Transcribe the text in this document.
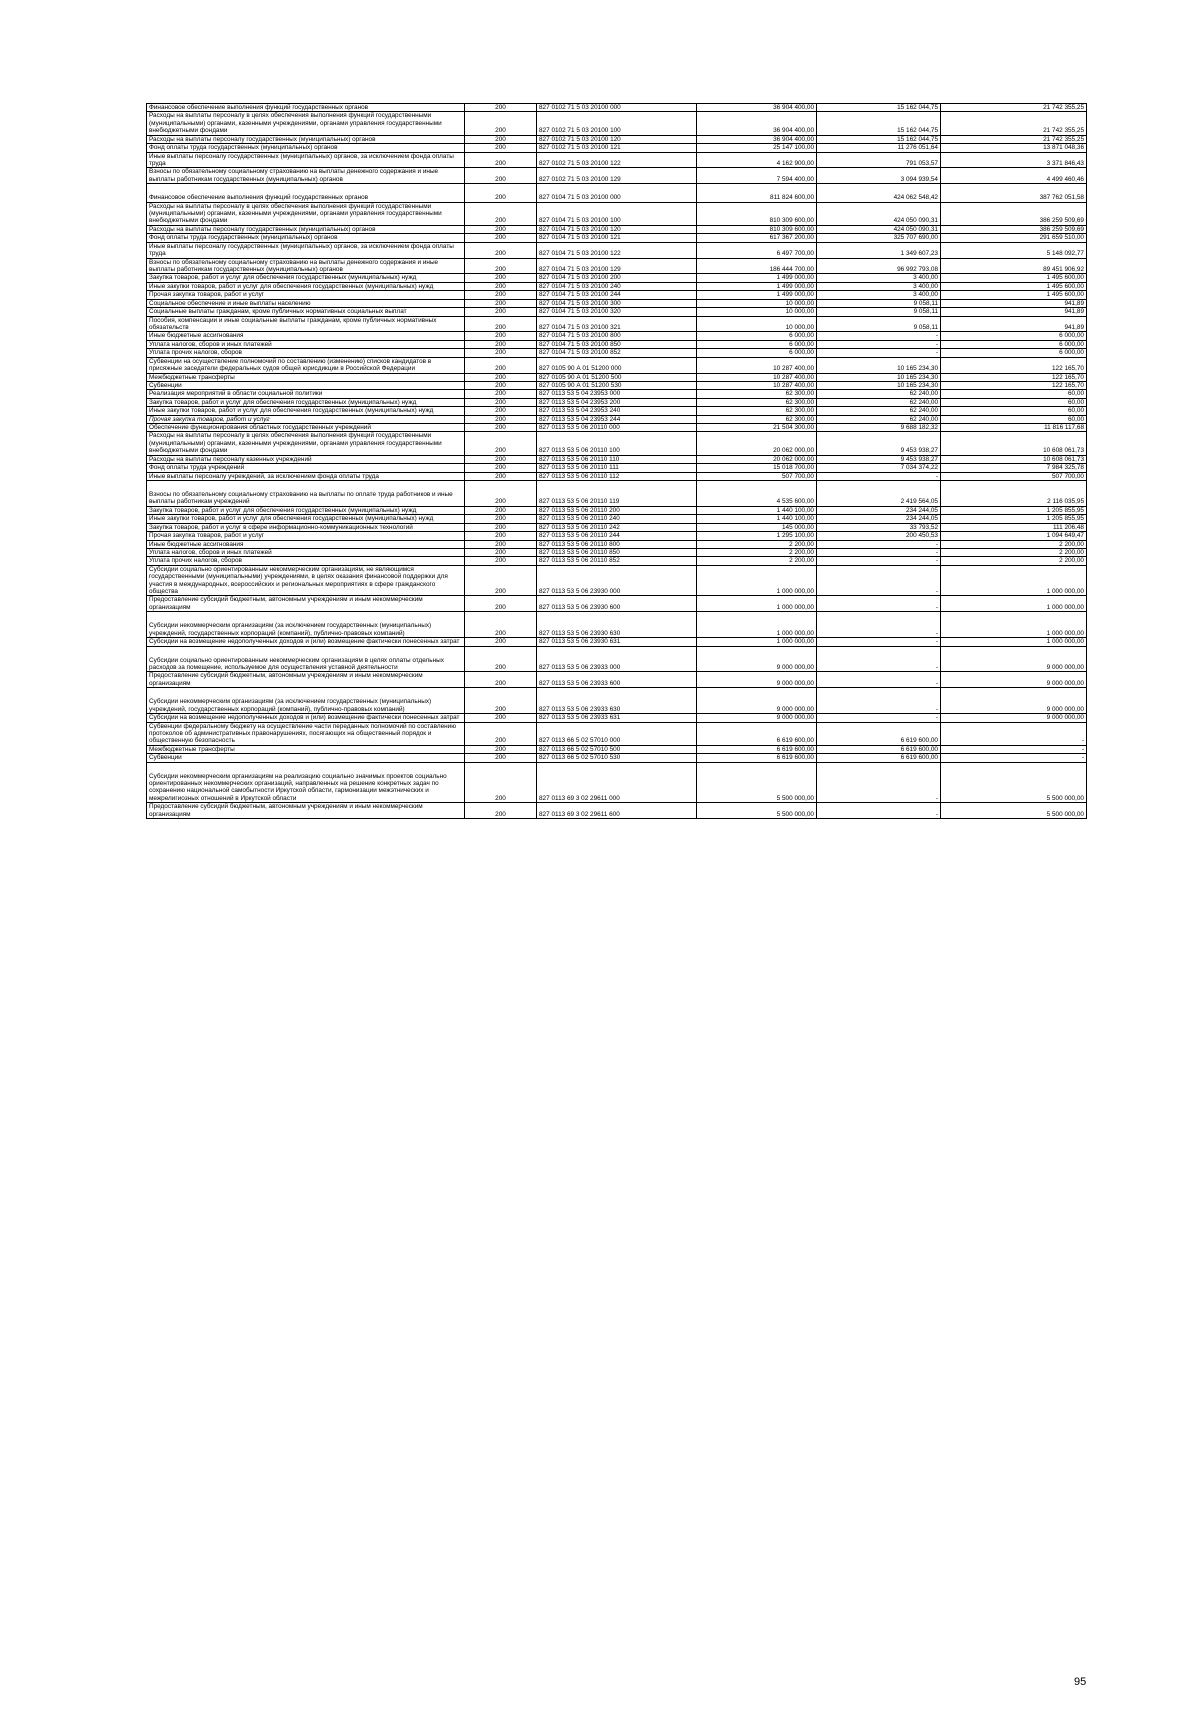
Финансовое обеспечение выполнения функций государственных органов	200	827 0102 71 5 03 20100 000	36 904 400,00	15 162 044,75	21 742 355,25
Расходы на выплаты персоналу в целях обеспечения выполнения функций государственными (муниципальными) органами, казенными учреждениями, органами управления государственными внебюджетными фондами	200	827 0102 71 5 03 20100 100	36 904 400,00	15 162 044,75	21 742 355,25
Расходы на выплаты персоналу государственных (муниципальных) органов	200	827 0102 71 5 03 20100 120	36 904 400,00	15 162 044,75	21 742 355,25
Фонд оплаты труда государственных (муниципальных) органов	200	827 0102 71 5 03 20100 121	25 147 100,00	11 276 051,64	13 871 048,36
Иные выплаты персоналу государственных (муниципальных) органов, за исключением фонда оплаты труда	200	827 0102 71 5 03 20100 122	4 162 900,00	791 053,57	3 371 846,43
Взносы по обязательному социальному страхованию на выплаты денежного содержания и иные выплаты работникам государственных (муниципальных) органов	200	827 0102 71 5 03 20100 129	7 594 400,00	3 094 939,54	4 499 460,46
Финансовое обеспечение выполнения функций государственных органов	200	827 0104 71 5 03 20100 000	811 824 600,00	424 062 548,42	387 762 051,58
Расходы на выплаты персоналу в целях обеспечения выполнения функций государственными (муниципальными) органами, казенными учреждениями, органами управления государственными внебюджетными фондами	200	827 0104 71 5 03 20100 100	810 309 600,00	424 050 090,31	386 259 509,69
Расходы на выплаты персоналу государственных (муниципальных) органов	200	827 0104 71 5 03 20100 120	810 309 600,00	424 050 090,31	386 259 509,69
Фонд оплаты труда государственных (муниципальных) органов	200	827 0104 71 5 03 20100 121	617 367 200,00	325 707 690,00	291 659 510,00
Иные выплаты персоналу государственных (муниципальных) органов, за исключением фонда оплаты труда	200	827 0104 71 5 03 20100 122	6 497 700,00	1 349 607,23	5 148 092,77
Взносы по обязательному социальному страхованию на выплаты денежного содержания и иные выплаты работникам государственных (муниципальных) органов	200	827 0104 71 5 03 20100 129	186 444 700,00	96 992 793,08	89 451 906,92
Закупка товаров, работ и услуг для обеспечения государственных (муниципальных) нужд	200	827 0104 71 5 03 20100 200	1 499 000,00	3 400,00	1 495 600,00
Иные закупки товаров, работ и услуг для обеспечения государственных (муниципальных) нужд	200	827 0104 71 5 03 20100 240	1 499 000,00	3 400,00	1 495 600,00
Прочая закупка товаров, работ и услуг	200	827 0104 71 5 03 20100 244	1 499 000,00	3 400,00	1 495 600,00
Социальное обеспечение и иные выплаты населению	200	827 0104 71 5 03 20100 300	10 000,00	9 058,11	941,89
Социальные выплаты гражданам, кроме публичных нормативных социальных выплат	200	827 0104 71 5 03 20100 320	10 000,00	9 058,11	941,89
Пособия, компенсации и иные социальные выплаты гражданам, кроме публичных нормативных обязательств	200	827 0104 71 5 03 20100 321	10 000,00	9 058,11	941,89
Иные бюджетные ассигнования	200	827 0104 71 5 03 20100 800	6 000,00	-	6 000,00
Уплата налогов, сборов и иных платежей	200	827 0104 71 5 03 20100 850	6 000,00	-	6 000,00
Уплата прочих налогов, сборов	200	827 0104 71 5 03 20100 852	6 000,00	-	6 000,00
Субвенции на осуществление полномочий по составлению (изменению) списков кандидатов в присяжные заседатели федеральных судов общей юрисдикции в Российской Федерации	200	827 0105 90 А 01 51200 000	10 287 400,00	10 165 234,30	122 165,70
Межбюджетные трансферты	200	827 0105 90 А 01 51200 500	10 287 400,00	10 165 234,30	122 165,70
Субвенции	200	827 0105 90 А 01 51200 530	10 287 400,00	10 165 234,30	122 165,70
Реализация мероприятий в области социальной политики	200	827 0113 53 5 04 23953 000	62 300,00	62 240,00	60,00
Закупка товаров, работ и услуг для обеспечения государственных (муниципальных) нужд	200	827 0113 53 5 04 23953 200	62 300,00	62 240,00	60,00
Иные закупки товаров, работ и услуг для обеспечения государственных (муниципальных) нужд	200	827 0113 53 5 04 23953 240	62 300,00	62 240,00	60,00
Прочая закупка товаров, работ и услуг	200	827 0113 53 5 04 23953 244	62 300,00	62 240,00	60,00
Обеспечение функционирования областных государственных учреждений	200	827 0113 53 5 06 20110 000	21 504 300,00	9 688 182,32	11 816 117,68
Расходы на выплаты персоналу в целях обеспечения выполнения функций государственными (муниципальными) органами, казенными учреждениями, органами управления государственными внебюджетными фондами	200	827 0113 53 5 06 20110 100	20 062 000,00	9 453 938,27	10 608 061,73
Расходы на выплаты персоналу казенных учреждений	200	827 0113 53 5 06 20110 110	20 062 000,00	9 453 938,27	10 608 061,73
Фонд оплаты труда учреждений	200	827 0113 53 5 06 20110 111	15 018 700,00	7 034 374,22	7 984 325,78
Иные выплаты персоналу учреждений, за исключением фонда оплаты труда	200	827 0113 53 5 06 20110 112	507 700,00	-	507 700,00
Взносы по обязательному социальному страхованию на выплаты по оплате труда работников и иные выплаты работникам учреждений	200	827 0113 53 5 06 20110 119	4 535 600,00	2 419 564,05	2 116 035,95
Закупка товаров, работ и услуг для обеспечения государственных (муниципальных) нужд	200	827 0113 53 5 06 20110 200	1 440 100,00	234 244,05	1 205 855,95
Иные закупки товаров, работ и услуг для обеспечения государственных (муниципальных) нужд	200	827 0113 53 5 06 20110 240	1 440 100,00	234 244,05	1 205 855,95
Закупка товаров, работ и услуг в сфере информационно-коммуникационных технологий	200	827 0113 53 5 06 20110 242	145 000,00	33 793,52	111 206,48
Прочая закупка товаров, работ и услуг	200	827 0113 53 5 06 20110 244	1 295 100,00	200 450,53	1 094 649,47
Иные бюджетные ассигнования	200	827 0113 53 5 06 20110 800	2 200,00	-	2 200,00
Уплата налогов, сборов и иных платежей	200	827 0113 53 5 06 20110 850	2 200,00	-	2 200,00
Уплата прочих налогов, сборов	200	827 0113 53 5 06 20110 852	2 200,00	-	2 200,00
Субсидии социально ориентированным некоммерческим организациям, не являющимся государственными (муниципальными) учреждениями, в целях оказания финансовой поддержки для участия в международных, всероссийских и региональных мероприятиях в сфере гражданского общества	200	827 0113 53 5 06 23930 000	1 000 000,00	-	1 000 000,00
Предоставление субсидий бюджетным, автономным учреждениям и иным некоммерческим организациям	200	827 0113 53 5 06 23930 600	1 000 000,00	-	1 000 000,00
Субсидии некоммерческим организациям (за исключением государственных (муниципальных) учреждений, государственных корпораций (компаний), публично-правовых компаний)	200	827 0113 53 5 06 23930 630	1 000 000,00	-	1 000 000,00
Субсидии на возмещение недополученных доходов и (или) возмещение фактически понесенных затрат	200	827 0113 53 5 06 23930 631	1 000 000,00	-	1 000 000,00
Субсидии социально ориентированным некоммерческим организациям в целях оплаты отдельных расходов за помещение, используемое для осуществления уставной деятельности	200	827 0113 53 5 06 23933 000	9 000 000,00	-	9 000 000,00
Предоставление субсидий бюджетным, автономным учреждениям и иным некоммерческим организациям	200	827 0113 53 5 06 23933 600	9 000 000,00	-	9 000 000,00
Субсидии некоммерческим организациям (за исключением государственных (муниципальных) учреждений, государственных корпораций (компаний), публично-правовых компаний)	200	827 0113 53 5 06 23933 630	9 000 000,00	-	9 000 000,00
Субсидии на возмещение недополученных доходов и (или) возмещение фактически понесенных затрат	200	827 0113 53 5 06 23933 631	9 000 000,00	-	9 000 000,00
Субвенции федеральному бюджету на осуществление части переданных полномочий по составлению протоколов об административных правонарушениях, посягающих на общественный порядок и общественную безопасность	200	827 0113 66 5 02 57010 000	6 619 600,00	6 619 600,00	-
Межбюджетные трансферты	200	827 0113 66 5 02 57010 500	6 619 600,00	6 619 600,00	-
Субвенции	200	827 0113 66 5 02 57010 530	6 619 600,00	6 619 600,00	-
Субсидии некоммерческим организациям на реализацию социально значимых проектов социально ориентированных некоммерческих организаций, направленных на решение конкретных задач по сохранению национальной самобытности Иркутской области, гармонизации межэтнических и межрелигиозных отношений в Иркутской области	200	827 0113 69 3 02 29611 000	5 500 000,00	-	5 500 000,00
Предоставление субсидий бюджетным, автономным учреждениям и иным некоммерческим организациям	200	827 0113 69 3 02 29611 600	5 500 000,00	-	5 500 000,00
95
